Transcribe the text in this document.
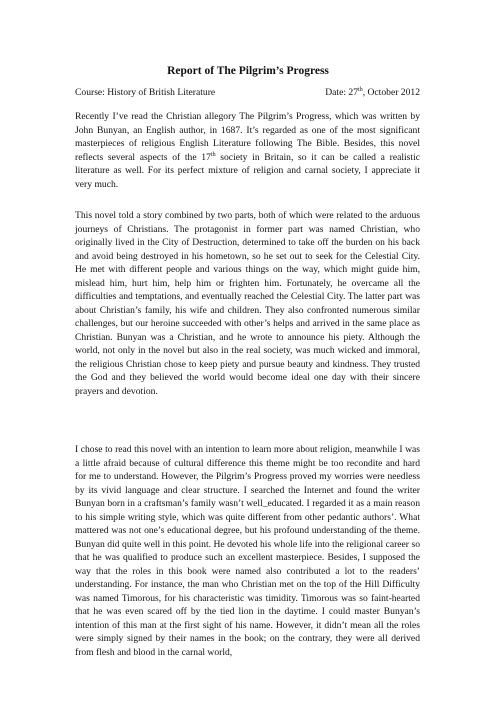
Report of The Pilgrim’s Progress
Course: History of British Literature	Date: 27th, October 2012

Recently I’ve read the Christian allegory The Pilgrim’s Progress, which was written by John Bunyan, an English author, in 1687. It’s regarded as one of the most significant masterpieces of religious English Literature following The Bible. Besides, this novel reflects several aspects of the 17th society in Britain, so it can be called a realistic literature as well. For its perfect mixture of religion and carnal society, I appreciate it very much.

This novel told a story combined by two parts, both of which were related to the arduous journeys of Christians. The protagonist in former part was named Christian, who originally lived in the City of Destruction, determined to take off the burden on his back and avoid being destroyed in his hometown, so he set out to seek for the Celestial City. He met with different people and various things on the way, which might guide him, mislead him, hurt him, help him or frighten him. Fortunately, he overcame all the difficulties and temptations, and eventually reached the Celestial City. The latter part was about Christian’s family, his wife and children. They also confronted numerous similar challenges, but our heroine succeeded with other’s helps and arrived in the same place as Christian. Bunyan was a Christian, and he wrote to announce his piety. Although the world, not only in the novel but also in the real society, was much wicked and immoral, the religious Christian chose to keep piety and pursue beauty and kindness. They trusted the God and they believed the world would become ideal one day with their sincere prayers and devotion.

I chose to read this novel with an intention to learn more about religion, meanwhile I was a little afraid because of cultural difference this theme might be too recondite and hard for me to understand. However, the Pilgrim’s Progress proved my worries were needless by its vivid language and clear structure. I searched the Internet and found the writer Bunyan born in a craftsman’s family wasn’t well_educated. I regarded it as a main reason to his simple writing style, which was quite different from other pedantic authors’. What mattered was not one’s educational degree, but his profound understanding of the theme. Bunyan did quite well in this point. He devoted his whole life into the religional career so that he was qualified to produce such an excellent masterpiece. Besides, I supposed the way that the roles in this book were named also contributed a lot to the readers’ understanding. For instance, the man who Christian met on the top of the Hill Difficulty was named Timorous, for his characteristic was timidity. Timorous was so faint-hearted that he was even scared off by the tied lion in the daytime. I could master Bunyan’s intention of this man at the first sight of his name. However, it didn’t mean all the roles were simply signed by their names in the book; on the contrary, they were all derived from flesh and blood in the carnal world,
